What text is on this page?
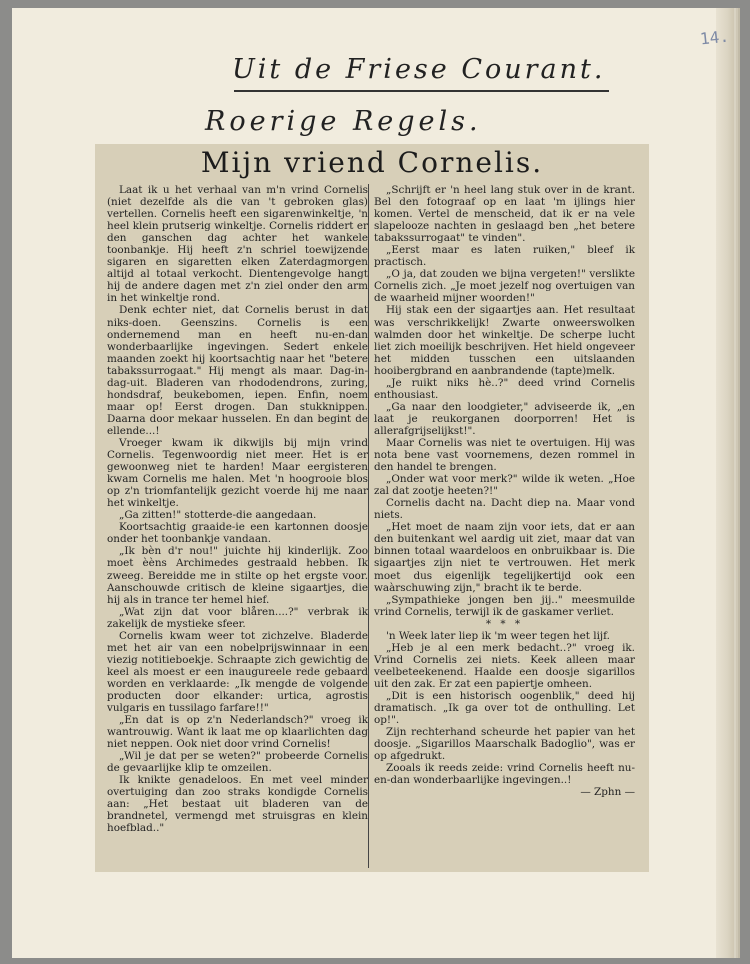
14.
Uit de Friese Courant.
Roerige Regels.
Mijn vriend Cornelis.

Laat ik u het verhaal van m'n vrind Cornelis (niet dezelfde als die van 't gebroken glas) vertellen. Cornelis heeft een sigarenwinkeltje, 'n heel klein prutserig winkeltje. Cornelis riddert er den ganschen dag achter het wankele toonbankje. Hij heeft z'n schriel toewijzende sigaren en sigaretten elken Zaterdagmorgen altijd al totaal verkocht. Dientengevolge hangt hij de andere dagen met z'n ziel onder den arm in het winkeltje rond.

Denk echter niet, dat Cornelis berust in dat niks-doen. Geenszins. Cornelis is een ondernemend man en heeft nu-en-dan wonderbaarlijke ingevingen. Sedert enkele maanden zoekt hij koortsachtig naar het "betere tabakssurrogaat." Hij mengt als maar. Dag-in-dag-uit. Bladeren van rhododendrons, zuring, hondsdraf, beukebomen, iepen. Enfin, noem maar op! Eerst drogen. Dan stukknippen. Daarna door mekaar husselen. En dan begint de ellende...!

Vroeger kwam ik dikwijls bij mijn vrind Cornelis. Tegenwoordig niet meer. Het is er gewoonweg niet te harden! Maar eergisteren kwam Cornelis me halen. Met 'n hoogrooie blos op z'n triomfantelijk gezicht voerde hij me naar het winkeltje.

„Ga zitten!" stotterde-die aangedaan.

Koortsachtig graaide-ie een kartonnen doosje onder het toonbankje vandaan.

„Ik bèn d'r nou!" juichte hij kinderlijk. Zoo moet èèns Archimedes gestraald hebben. Ik zweeg. Bereidde me in stilte op het ergste voor. Aanschouwde critisch de kleine sigaartjes, die hij als in trance ter hemel hief.

„Wat zijn dat voor blåren....?" verbrak ik zakelijk de mystieke sfeer.

Cornelis kwam weer tot zichzelve. Bladerde met het air van een nobelprijswinnaar in een viezig notitieboekje. Schraapte zich gewichtig de keel als moest er een inaugureele rede gebaard worden en verklaarde: „Ik mengde de volgende producten door elkander: urtica, agrostis vulgaris en tussilago farfare!!"

„En dat is op z'n Nederlandsch?" vroeg ik wantrouwig. Want ik laat me op klaarlichten dag niet neppen. Ook niet door vrind Cornelis!

„Wil je dat per se weten?" probeerde Cornelis de gevaarlijke klip te omzeilen.

Ik knikte genadeloos. En met veel minder overtuiging dan zoo straks kondigde Cornelis aan: „Het bestaat uit bladeren van de brandnetel, vermengd met struisgras en klein hoefblad.."

„Schrijft er 'n heel lang stuk over in de krant. Bel den fotograaf op en laat 'm ijlings hier komen. Vertel de menscheid, dat ik er na vele slapelooze nachten in geslaagd ben „het betere tabakssurrogaat" te vinden".

„Eerst maar es laten ruiken," bleef ik practisch.

„O ja, dat zouden we bijna vergeten!" verslikte Cornelis zich. „Je moet jezelf nog overtuigen van de waarheid mijner woorden!"

Hij stak een der sigaartjes aan. Het resultaat was verschrikkelijk! Zwarte onweerswolken walmden door het winkeltje. De scherpe lucht liet zich moeilijk beschrijven. Het hield ongeveer het midden tusschen een uitslaanden hooibergbrand en aanbrandende (tapte)melk.

„Je ruikt niks hè..?" deed vrind Cornelis enthousiast.

„Ga naar den loodgieter," adviseerde ik, „en laat je reukorganen doorporren! Het is allerafgrijselijkst!".

Maar Cornelis was niet te overtuigen. Hij was nota bene vast voornemens, dezen rommel in den handel te brengen.

„Onder wat voor merk?" wilde ik weten. „Hoe zal dat zootje heeten?!"

Cornelis dacht na. Dacht diep na. Maar vond niets.

„Het moet de naam zijn voor iets, dat er aan den buitenkant wel aardig uit ziet, maar dat van binnen totaal waardeloos en onbruikbaar is. Die sigaartjes zijn niet te vertrouwen. Het merk moet dus eigenlijk tegelijkertijd ook een waàrschuwing zijn," bracht ik te berde.

„Sympathieke jongen ben jij.." meesmuilde vrind Cornelis, terwijl ik de gaskamer verliet.

* * *

'n Week later liep ik 'm weer tegen het lijf.

„Heb je al een merk bedacht..?" vroeg ik. Vrind Cornelis zei niets. Keek alleen maar veelbeteekenend. Haalde een doosje sigarillos uit den zak. Er zat een papiertje omheen.

„Dit is een historisch oogenblik," deed hij dramatisch. „Ik ga over tot de onthulling. Let op!".

Zijn rechterhand scheurde het papier van het doosje. „Sigarillos Maarschalk Badoglio", was er op afgedrukt.

Zooals ik reeds zeide: vrind Cornelis heeft nu-en-dan wonderbaarlijke ingevingen..!

— Zphn —
